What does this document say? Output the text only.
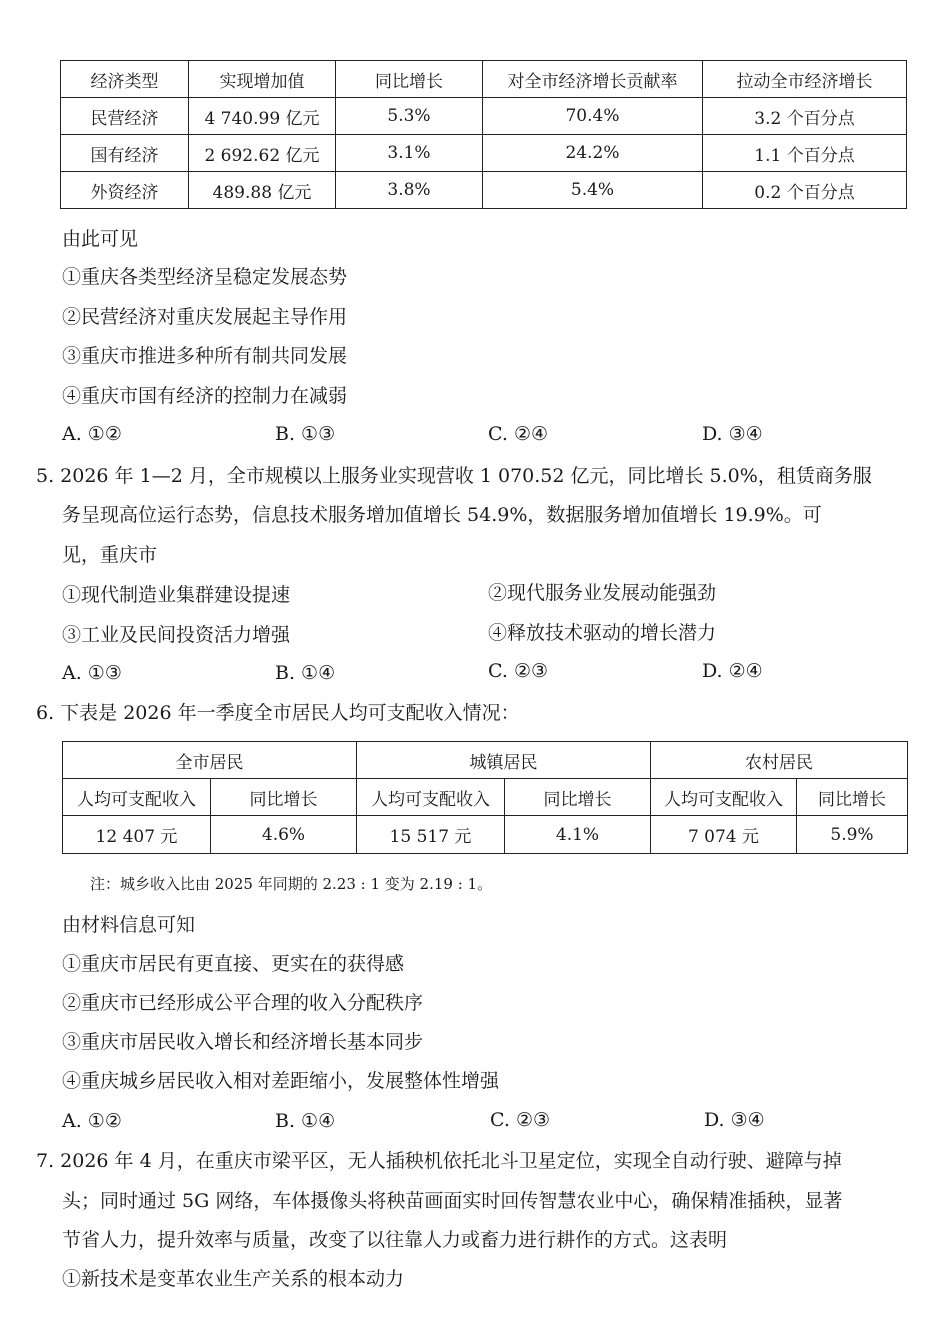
经济类型	实现增加值	同比增长	对全市经济增长贡献率	拉动全市经济增长
民营经济	4 740.99 亿元	5.3%	70.4%	3.2 个百分点
国有经济	2 692.62 亿元	3.1%	24.2%	1.1 个百分点
外资经济	489.88 亿元	3.8%	5.4%	0.2 个百分点
由此可见
①重庆各类型经济呈稳定发展态势
②民营经济对重庆发展起主导作用
③重庆市推进多种所有制共同发展
④重庆市国有经济的控制力在减弱
A. ①②	B. ①③	C. ②④	D. ③④
5. 2026 年 1—2 月，全市规模以上服务业实现营收 1 070.52 亿元，同比增长 5.0%，租赁商务服
务呈现高位运行态势，信息技术服务增加值增长 54.9%，数据服务增加值增长 19.9%。可
见，重庆市
①现代制造业集群建设提速	②现代服务业发展动能强劲
③工业及民间投资活力增强	④释放技术驱动的增长潜力
A. ①③	B. ①④	C. ②③	D. ②④
6. 下表是 2026 年一季度全市居民人均可支配收入情况：
全市居民		城镇居民		农村居民	
人均可支配收入	同比增长	人均可支配收入	同比增长	人均可支配收入	同比增长
12 407 元	4.6%	15 517 元	4.1%	7 074 元	5.9%
注：城乡收入比由 2025 年同期的 2.23 : 1 变为 2.19 : 1。
由材料信息可知
①重庆市居民有更直接、更实在的获得感
②重庆市已经形成公平合理的收入分配秩序
③重庆市居民收入增长和经济增长基本同步
④重庆城乡居民收入相对差距缩小，发展整体性增强
A. ①②	B. ①④	C. ②③	D. ③④
7. 2026 年 4 月，在重庆市梁平区，无人插秧机依托北斗卫星定位，实现全自动行驶、避障与掉
头；同时通过 5G 网络，车体摄像头将秧苗画面实时回传智慧农业中心，确保精准插秧，显著
节省人力，提升效率与质量，改变了以往靠人力或畜力进行耕作的方式。这表明
①新技术是变革农业生产关系的根本动力
